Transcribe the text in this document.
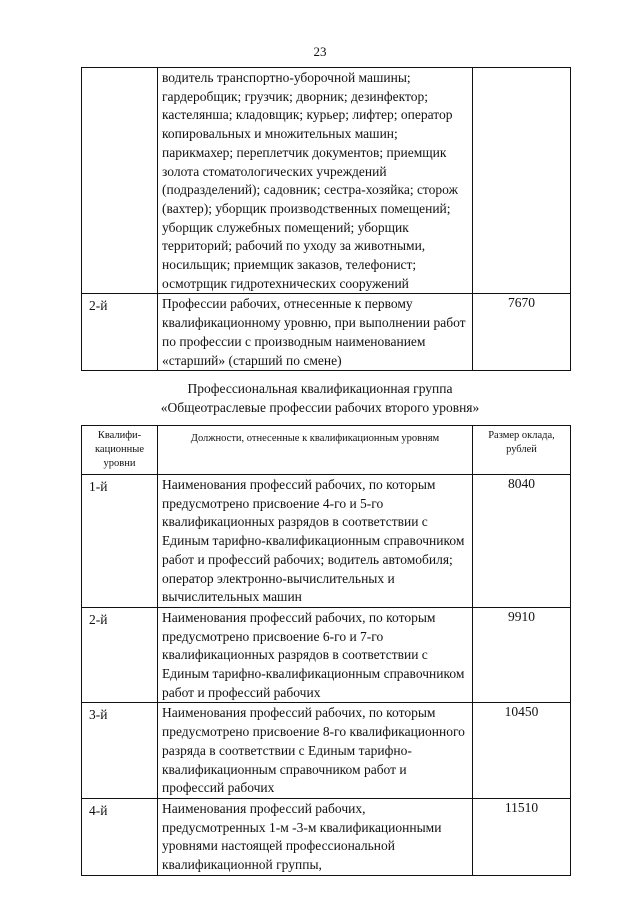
23
	водитель транспортно-уборочной машины; гардеробщик; грузчик; дворник; дезинфектор; кастелянша; кладовщик; курьер; лифтер; оператор копировальных и множительных машин; парикмахер; переплетчик документов; приемщик золота стоматологических учреждений (подразделений); садовник; сестра-хозяйка; сторож (вахтер); уборщик производственных помещений; уборщик служебных помещений; уборщик территорий; рабочий по уходу за животными, носильщик; приемщик заказов, телефонист; осмотрщик гидротехнических сооружений	
2-й	Профессии рабочих, отнесенные к первому квалификационному уровню, при выполнении работ по профессии с производным наименованием «старший» (старший по смене)	7670
Профессиональная квалификационная группа
«Общеотраслевые профессии рабочих второго уровня»
Квалифи-кационные уровни	Должности, отнесенные к квалификационным уровням	Размер оклада, рублей
1-й	Наименования профессий рабочих, по которым предусмотрено присвоение 4-го и 5-го квалификационных разрядов в соответствии с Единым тарифно-квалификационным справочником работ и профессий рабочих; водитель автомобиля; оператор электронно-вычислительных и вычислительных машин	8040
2-й	Наименования профессий рабочих, по которым предусмотрено присвоение 6-го и 7-го квалификационных разрядов в соответствии с Единым тарифно-квалификационным справочником работ и профессий рабочих	9910
3-й	Наименования профессий рабочих, по которым предусмотрено присвоение 8-го квалификационного разряда в соответствии с Единым тарифно-квалификационным справочником работ и профессий рабочих	10450
4-й	Наименования профессий рабочих, предусмотренных 1-м -3-м квалификационными уровнями настоящей профессиональной квалификационной группы,	11510
